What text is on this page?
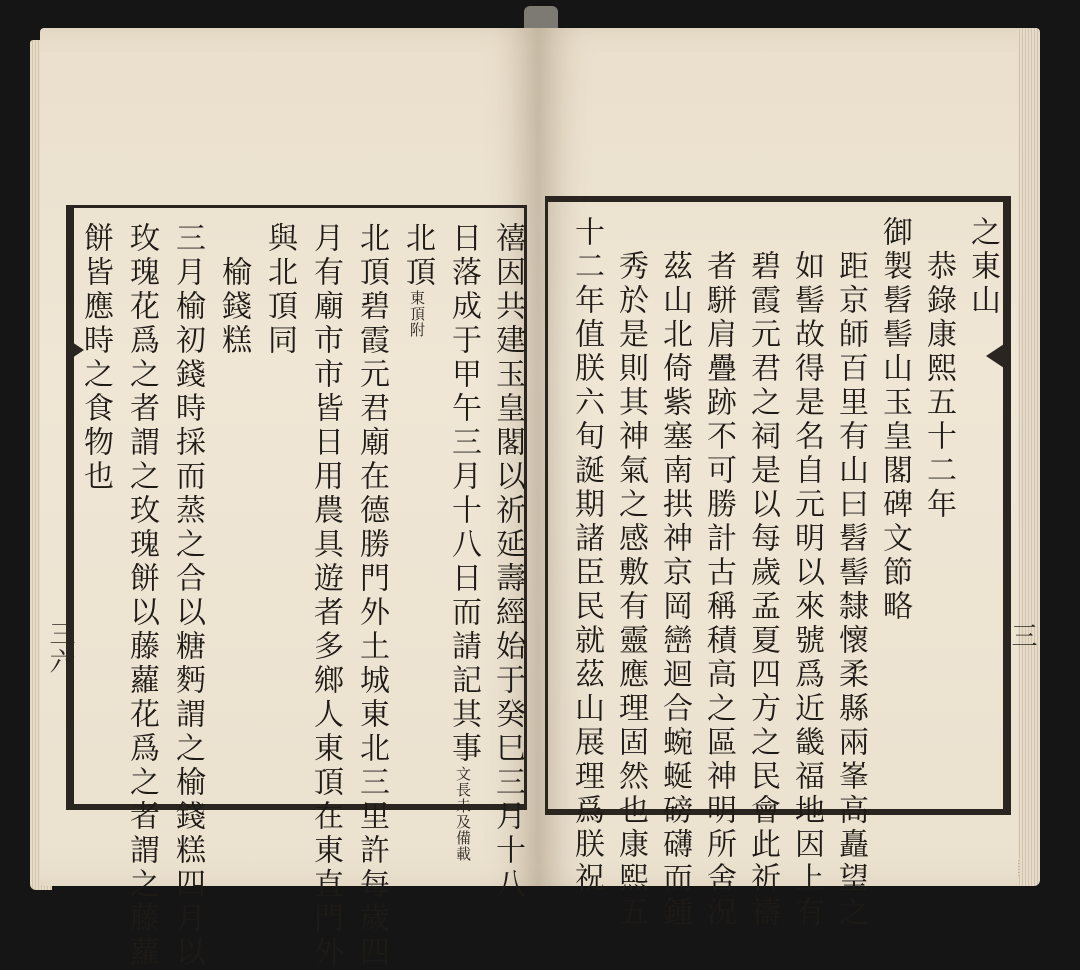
禧因共建玉皇閣以祈延壽經始于癸巳三月十八
日落成于甲午三月十八日而請記其事文長未及備載
北頂東頂附
北頂碧霞元君廟在德勝門外土城東北三里許每歲四
月有廟市市皆日用農具遊者多鄉人東頂在東直門外
與北頂同
　榆錢糕
三月榆初錢時採而蒸之合以糖麪謂之榆錢糕四月以
玫瑰花爲之者謂之玫瑰餅以藤蘿花爲之者謂之藤蘿
餅皆應時之食物也
三六
之東山
　恭錄康熙五十二年
御製髫髻山玉皇閣碑文節略
　距京師百里有山曰髫髻隸懷柔縣兩峯高矗望之
　如髻故得是名自元明以來號爲近畿福地因上有
　碧霞元君之祠是以每歲孟夏四方之民會此祈禱
　者駢肩疊跡不可勝計古稱積高之區神明所舍況
　茲山北倚紫塞南拱神京岡巒迴合蜿蜒磅礴而鍾
　秀於是則其神氣之感敷有靈應理固然也康熙五
十二年值朕六旬誕期諸臣民就茲山展理爲朕祝	三
